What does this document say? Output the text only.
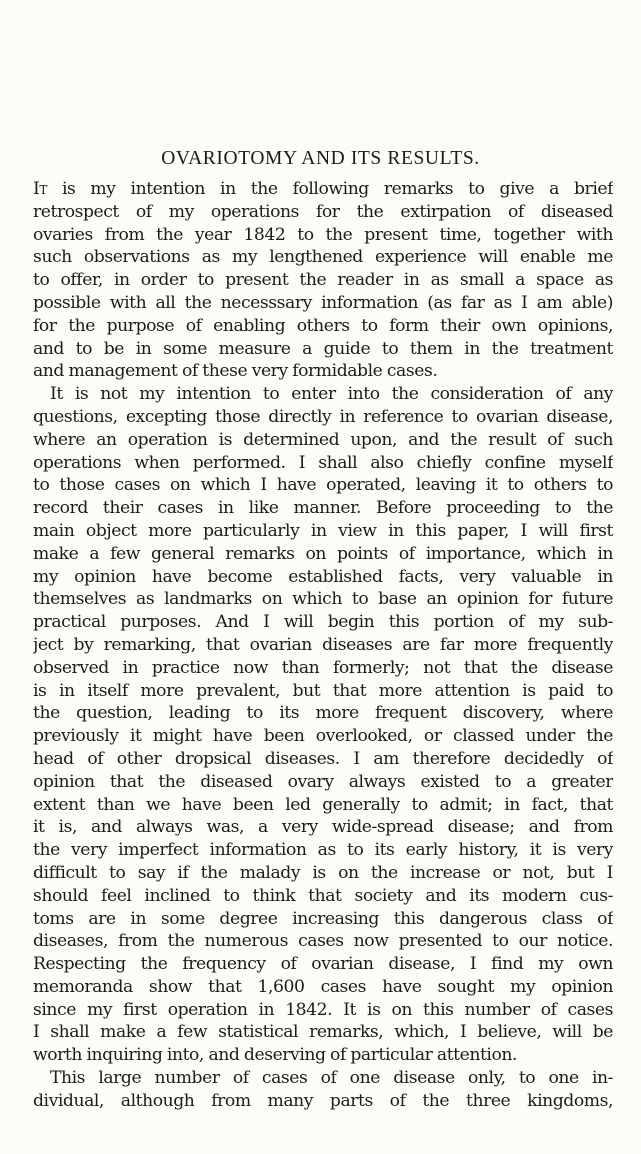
OVARIOTOMY AND ITS RESULTS.
It is my intention in the following remarks to give a brief
retrospect of my operations for the extirpation of diseased
ovaries from the year 1842 to the present time, together with
such observations as my lengthened experience will enable me
to offer, in order to present the reader in as small a space as
possible with all the necesssary information (as far as I am able)
for the purpose of enabling others to form their own opinions,
and to be in some measure a guide to them in the treatment
and management of these very formidable cases.
It is not my intention to enter into the consideration of any
questions, excepting those directly in reference to ovarian disease,
where an operation is determined upon, and the result of such
operations when performed. I shall also chiefly confine myself
to those cases on which I have operated, leaving it to others to
record their cases in like manner. Before proceeding to the
main object more particularly in view in this paper, I will first
make a few general remarks on points of importance, which in
my opinion have become established facts, very valuable in
themselves as landmarks on which to base an opinion for future
practical purposes. And I will begin this portion of my sub-
ject by remarking, that ovarian diseases are far more frequently
observed in practice now than formerly; not that the disease
is in itself more prevalent, but that more attention is paid to
the question, leading to its more frequent discovery, where
previously it might have been overlooked, or classed under the
head of other dropsical diseases. I am therefore decidedly of
opinion that the diseased ovary always existed to a greater
extent than we have been led generally to admit; in fact, that
it is, and always was, a very wide-spread disease; and from
the very imperfect information as to its early history, it is very
difficult to say if the malady is on the increase or not, but I
should feel inclined to think that society and its modern cus-
toms are in some degree increasing this dangerous class of
diseases, from the numerous cases now presented to our notice.
Respecting the frequency of ovarian disease, I find my own
memoranda show that 1,600 cases have sought my opinion
since my first operation in 1842. It is on this number of cases
I shall make a few statistical remarks, which, I believe, will be
worth inquiring into, and deserving of particular attention.
This large number of cases of one disease only, to one in-
dividual, although from many parts of the three kingdoms,
